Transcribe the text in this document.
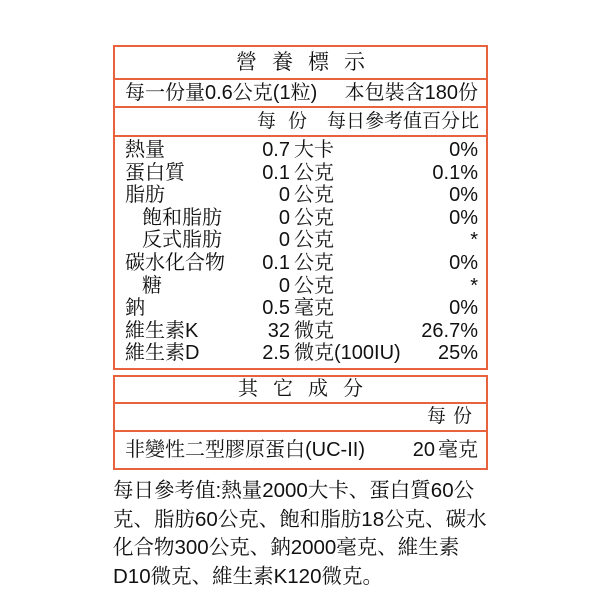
營養標示
每一份量0.6公克(1粒) 本包裝含180份
每份 每日參考值百分比
熱量	0.7 大卡	0%
蛋白質	0.1 公克	0.1%
脂肪	0 公克	0%
飽和脂肪	0 公克	0%
反式脂肪	0 公克	*
碳水化合物	0.1 公克	0%
糖	0 公克	*
鈉	0.5 毫克	0%
維生素K	32 微克	26.7%
維生素D	2.5 微克(100IU) 25%
其它成分
每份
非變性二型膠原蛋白(UC-II) 20 毫克
每日參考值:熱量2000大卡、蛋白質60公克、脂肪60公克、飽和脂肪18公克、碳水化合物300公克、鈉2000毫克、維生素D10微克、維生素K120微克。
